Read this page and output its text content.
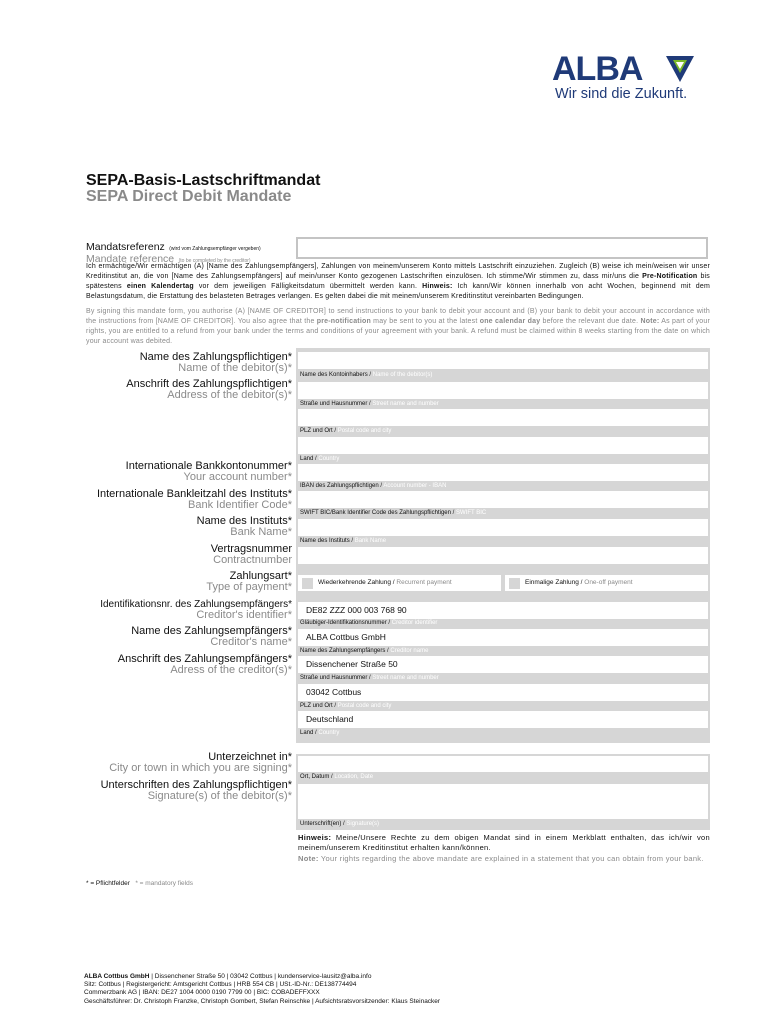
ALBA
Wir sind die Zukunft.
SEPA-Basis-Lastschriftmandat
SEPA Direct Debit Mandate
Mandatsreferenz (wird vom Zahlungsempfänger vergeben)
Mandate reference (to be completed by the creditor)
Ich ermächtige/Wir ermächtigen (A) [Name des Zahlungsempfängers], Zahlungen von meinem/unserem Konto mittels Lastschrift einzuziehen. Zugleich (B) weise ich mein/weisen wir unser Kreditinstitut an, die von [Name des Zahlungsempfängers] auf mein/unser Konto gezogenen Lastschriften einzulösen. Ich stimme/Wir stimmen zu, dass mir/uns die Pre-Notification bis spätestens einen Kalendertag vor dem jeweiligen Fälligkeitsdatum übermittelt werden kann. Hinweis: Ich kann/Wir können innerhalb von acht Wochen, beginnend mit dem Belastungsdatum, die Erstattung des belasteten Betrages verlangen. Es gelten dabei die mit meinem/unserem Kreditinstitut vereinbarten Bedingungen.
By signing this mandate form, you authorise (A) [NAME OF CREDITOR] to send instructions to your bank to debit your account and (B) your bank to debit your account in accordance with the instructions from [NAME OF CREDITOR]. You also agree that the pre-notification may be sent to you at the latest one calendar day before the relevant due date. Note: As part of your rights, you are entitled to a refund from your bank under the terms and conditions of your agreement with your bank. A refund must be claimed within 8 weeks starting from the date on which your account was debited.
Name des Zahlungspflichtigen*
Name of the debitor(s)*
Anschrift des Zahlungspflichtigen*
Address of the debitor(s)*
Internationale Bankkontonummer*
Your account number*
Internationale Bankleitzahl des Instituts*
Bank Identifier Code*
Name des Instituts*
Bank Name*
Vertragsnummer
Contractnumber
Zahlungsart*
Type of payment*
Identifikationsnr. des Zahlungsempfängers*
Creditor's identifier*
Name des Zahlungsempfängers*
Creditor's name*
Anschrift des Zahlungsempfängers*
Adress of the creditor(s)*
Unterzeichnet in*
City or town in which you are signing*
Unterschriften des Zahlungspflichtigen*
Signature(s) of the debitor(s)*
Name des Kontoinhabers / Name of the debitor(s)
Straße und Hausnummer / Street name and number
PLZ und Ort / Postal code and city
Land / Country
IBAN des Zahlungspflichtigen / Account number - IBAN
SWIFT BIC/Bank Identifier Code des Zahlungspflichtigen / SWIFT BIC
Name des Instituts / Bank Name
Wiederkehrende Zahlung / Recurrent payment	Einmalige Zahlung / One-off payment
DE82 ZZZ 000 003 768 90
Gläubiger-Identifikationsnummer / Creditor identifier
ALBA Cottbus GmbH
Name des Zahlungsempfängers / Creditor name
Dissenchener Straße 50
Straße und Hausnummer / Street name and number
03042 Cottbus
PLZ und Ort / Postal code and city
Deutschland
Land / Country
Ort, Datum / Location, Date
Unterschrift(en) / Signature(s)
Hinweis: Meine/Unsere Rechte zu dem obigen Mandat sind in einem Merkblatt enthalten, das ich/wir von meinem/unserem Kreditinstitut erhalten kann/können.
Note: Your rights regarding the above mandate are explained in a statement that you can obtain from your bank.
* = Pflichtfelder * = mandatory fields
ALBA Cottbus GmbH | Dissenchener Straße 50 | 03042 Cottbus | kundenservice-lausitz@alba.info
Sitz: Cottbus | Registergericht: Amtsgericht Cottbus | HRB 554 CB | USt.-ID-Nr.: DE138774494
Commerzbank AG | IBAN: DE27 1004 0000 0190 7799 00 | BIC: COBADEFFXXX
Geschäftsführer: Dr. Christoph Franzke, Christoph Gombert, Stefan Reinschke | Aufsichtsratsvorsitzender: Klaus Steinacker
